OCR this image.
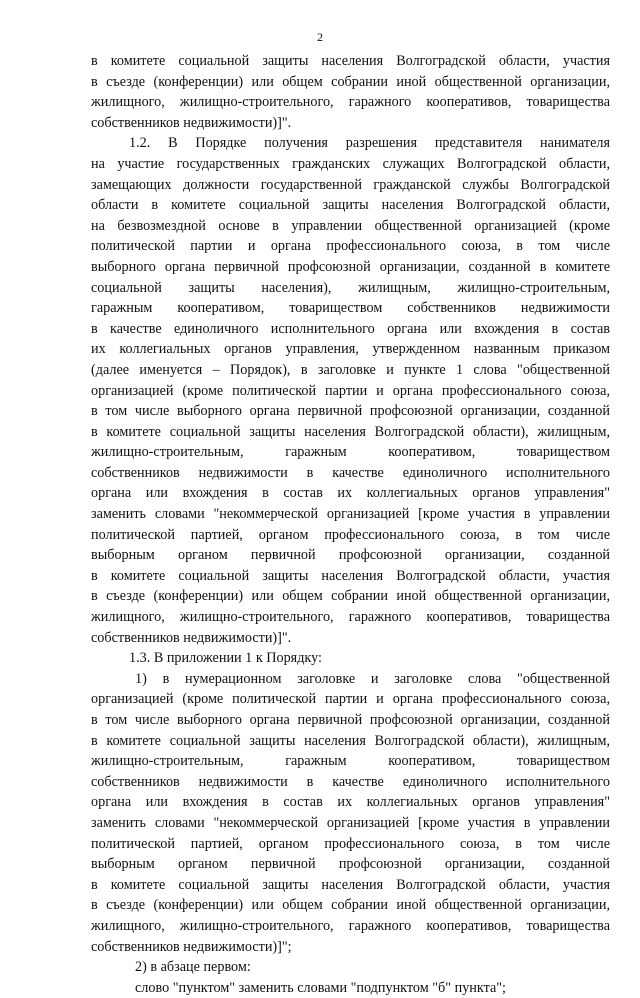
2
в комитете социальной защиты населения Волгоградской области, участия
в съезде (конференции) или общем собрании иной общественной организации,
жилищного, жилищно-строительного, гаражного кооперативов, товарищества
собственников недвижимости)]".
1.2. В Порядке получения разрешения представителя нанимателя
на участие государственных гражданских служащих Волгоградской области,
замещающих должности государственной гражданской службы Волгоградской
области в комитете социальной защиты населения Волгоградской области,
на безвозмездной основе в управлении общественной организацией (кроме
политической партии и органа профессионального союза, в том числе
выборного органа первичной профсоюзной организации, созданной в комитете
социальной защиты населения), жилищным, жилищно-строительным,
гаражным кооперативом, товариществом собственников недвижимости
в качестве единоличного исполнительного органа или вхождения в состав
их коллегиальных органов управления, утвержденном названным приказом
(далее именуется – Порядок), в заголовке и пункте 1 слова "общественной
организацией (кроме политической партии и органа профессионального союза,
в том числе выборного органа первичной профсоюзной организации, созданной
в комитете социальной защиты населения Волгоградской области), жилищным,
жилищно-строительным, гаражным кооперативом, товариществом
собственников недвижимости в качестве единоличного исполнительного
органа или вхождения в состав их коллегиальных органов управления"
заменить словами "некоммерческой организацией [кроме участия в управлении
политической партией, органом профессионального союза, в том числе
выборным органом первичной профсоюзной организации, созданной
в комитете социальной защиты населения Волгоградской области, участия
в съезде (конференции) или общем собрании иной общественной организации,
жилищного, жилищно-строительного, гаражного кооперативов, товарищества
собственников недвижимости)]".
1.3. В приложении 1 к Порядку:
1) в нумерационном заголовке и заголовке слова "общественной
организацией (кроме политической партии и органа профессионального союза,
в том числе выборного органа первичной профсоюзной организации, созданной
в комитете социальной защиты населения Волгоградской области), жилищным,
жилищно-строительным, гаражным кооперативом, товариществом
собственников недвижимости в качестве единоличного исполнительного
органа или вхождения в состав их коллегиальных органов управления"
заменить словами "некоммерческой организацией [кроме участия в управлении
политической партией, органом профессионального союза, в том числе
выборным органом первичной профсоюзной организации, созданной
в комитете социальной защиты населения Волгоградской области, участия
в съезде (конференции) или общем собрании иной общественной организации,
жилищного, жилищно-строительного, гаражного кооперативов, товарищества
собственников недвижимости)]";
2) в абзаце первом:
слово "пунктом" заменить словами "подпунктом "б" пункта";
